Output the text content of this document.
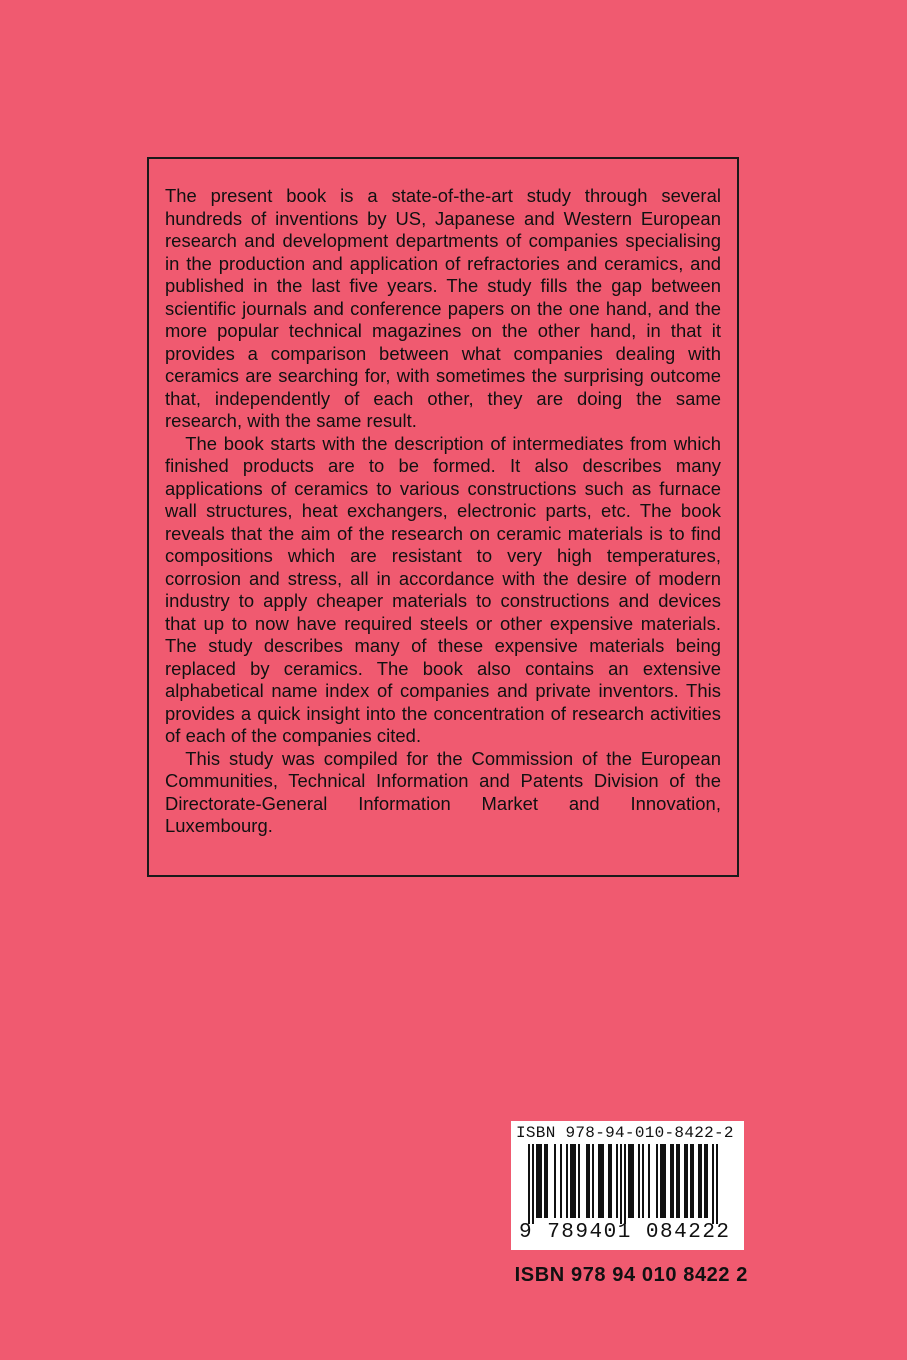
The present book is a state-of-the-art study through several hundreds of inventions by US, Japanese and Western European research and development departments of companies specialising in the production and application of refractories and ceramics, and published in the last five years. The study fills the gap between scientific journals and conference papers on the one hand, and the more popular technical magazines on the other hand, in that it provides a comparison between what companies dealing with ceramics are searching for, with sometimes the surprising outcome that, independently of each other, they are doing the same research, with the same result.

The book starts with the description of intermediates from which finished products are to be formed. It also describes many applications of ceramics to various constructions such as furnace wall structures, heat exchangers, electronic parts, etc. The book reveals that the aim of the research on ceramic materials is to find compositions which are resistant to very high temperatures, corrosion and stress, all in accordance with the desire of modern industry to apply cheaper materials to constructions and devices that up to now have required steels or other expensive materials. The study describes many of these expensive materials being replaced by ceramics. The book also contains an extensive alphabetical name index of companies and private inventors. This provides a quick insight into the concentration of research activities of each of the companies cited.

This study was compiled for the Commission of the European Communities, Technical Information and Patents Division of the Directorate-General Information Market and Innovation, Luxembourg.

ISBN 978-94-010-8422-2
9 789401 084222
ISBN 978 94 010 8422 2
